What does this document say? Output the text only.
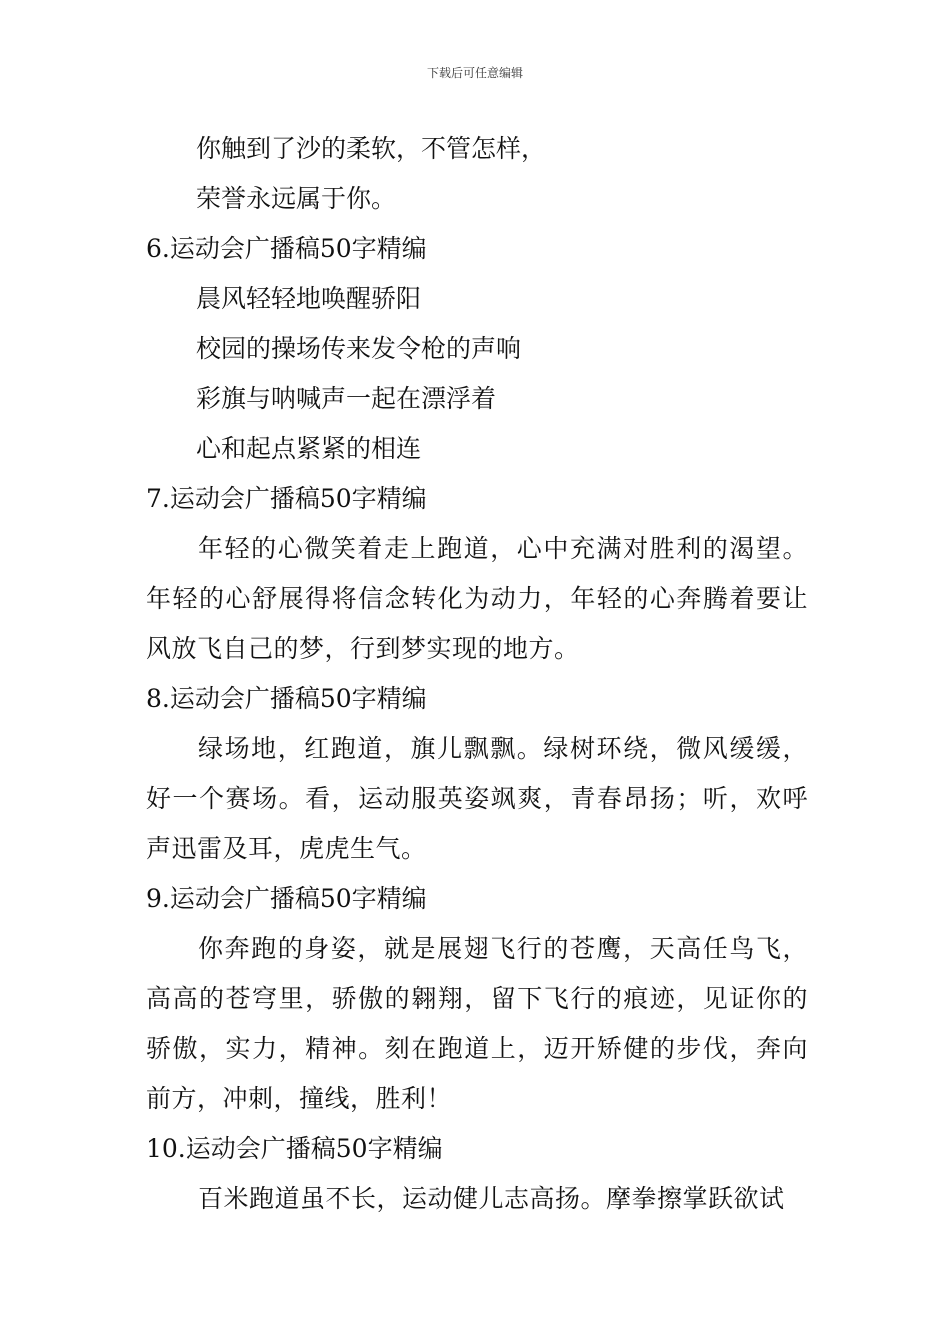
下载后可任意编辑
你触到了沙的柔软，不管怎样，
荣誉永远属于你。
6.运动会广播稿50字精编
晨风轻轻地唤醒骄阳
校园的操场传来发令枪的声响
彩旗与呐喊声一起在漂浮着
心和起点紧紧的相连
7.运动会广播稿50字精编
年轻的心微笑着走上跑道，心中充满对胜利的渴望。年轻的心舒展得将信念转化为动力，年轻的心奔腾着要让风放飞自己的梦，行到梦实现的地方。
8.运动会广播稿50字精编
绿场地，红跑道，旗儿飘飘。绿树环绕，微风缓缓，好一个赛场。看，运动服英姿飒爽，青春昂扬；听，欢呼声迅雷及耳，虎虎生气。
9.运动会广播稿50字精编
你奔跑的身姿，就是展翅飞行的苍鹰，天高任鸟飞，高高的苍穹里，骄傲的翱翔，留下飞行的痕迹，见证你的骄傲，实力，精神。刻在跑道上，迈开矫健的步伐，奔向前方，冲刺，撞线，胜利！
10.运动会广播稿50字精编
百米跑道虽不长，运动健儿志高扬。摩拳擦掌跃欲试
